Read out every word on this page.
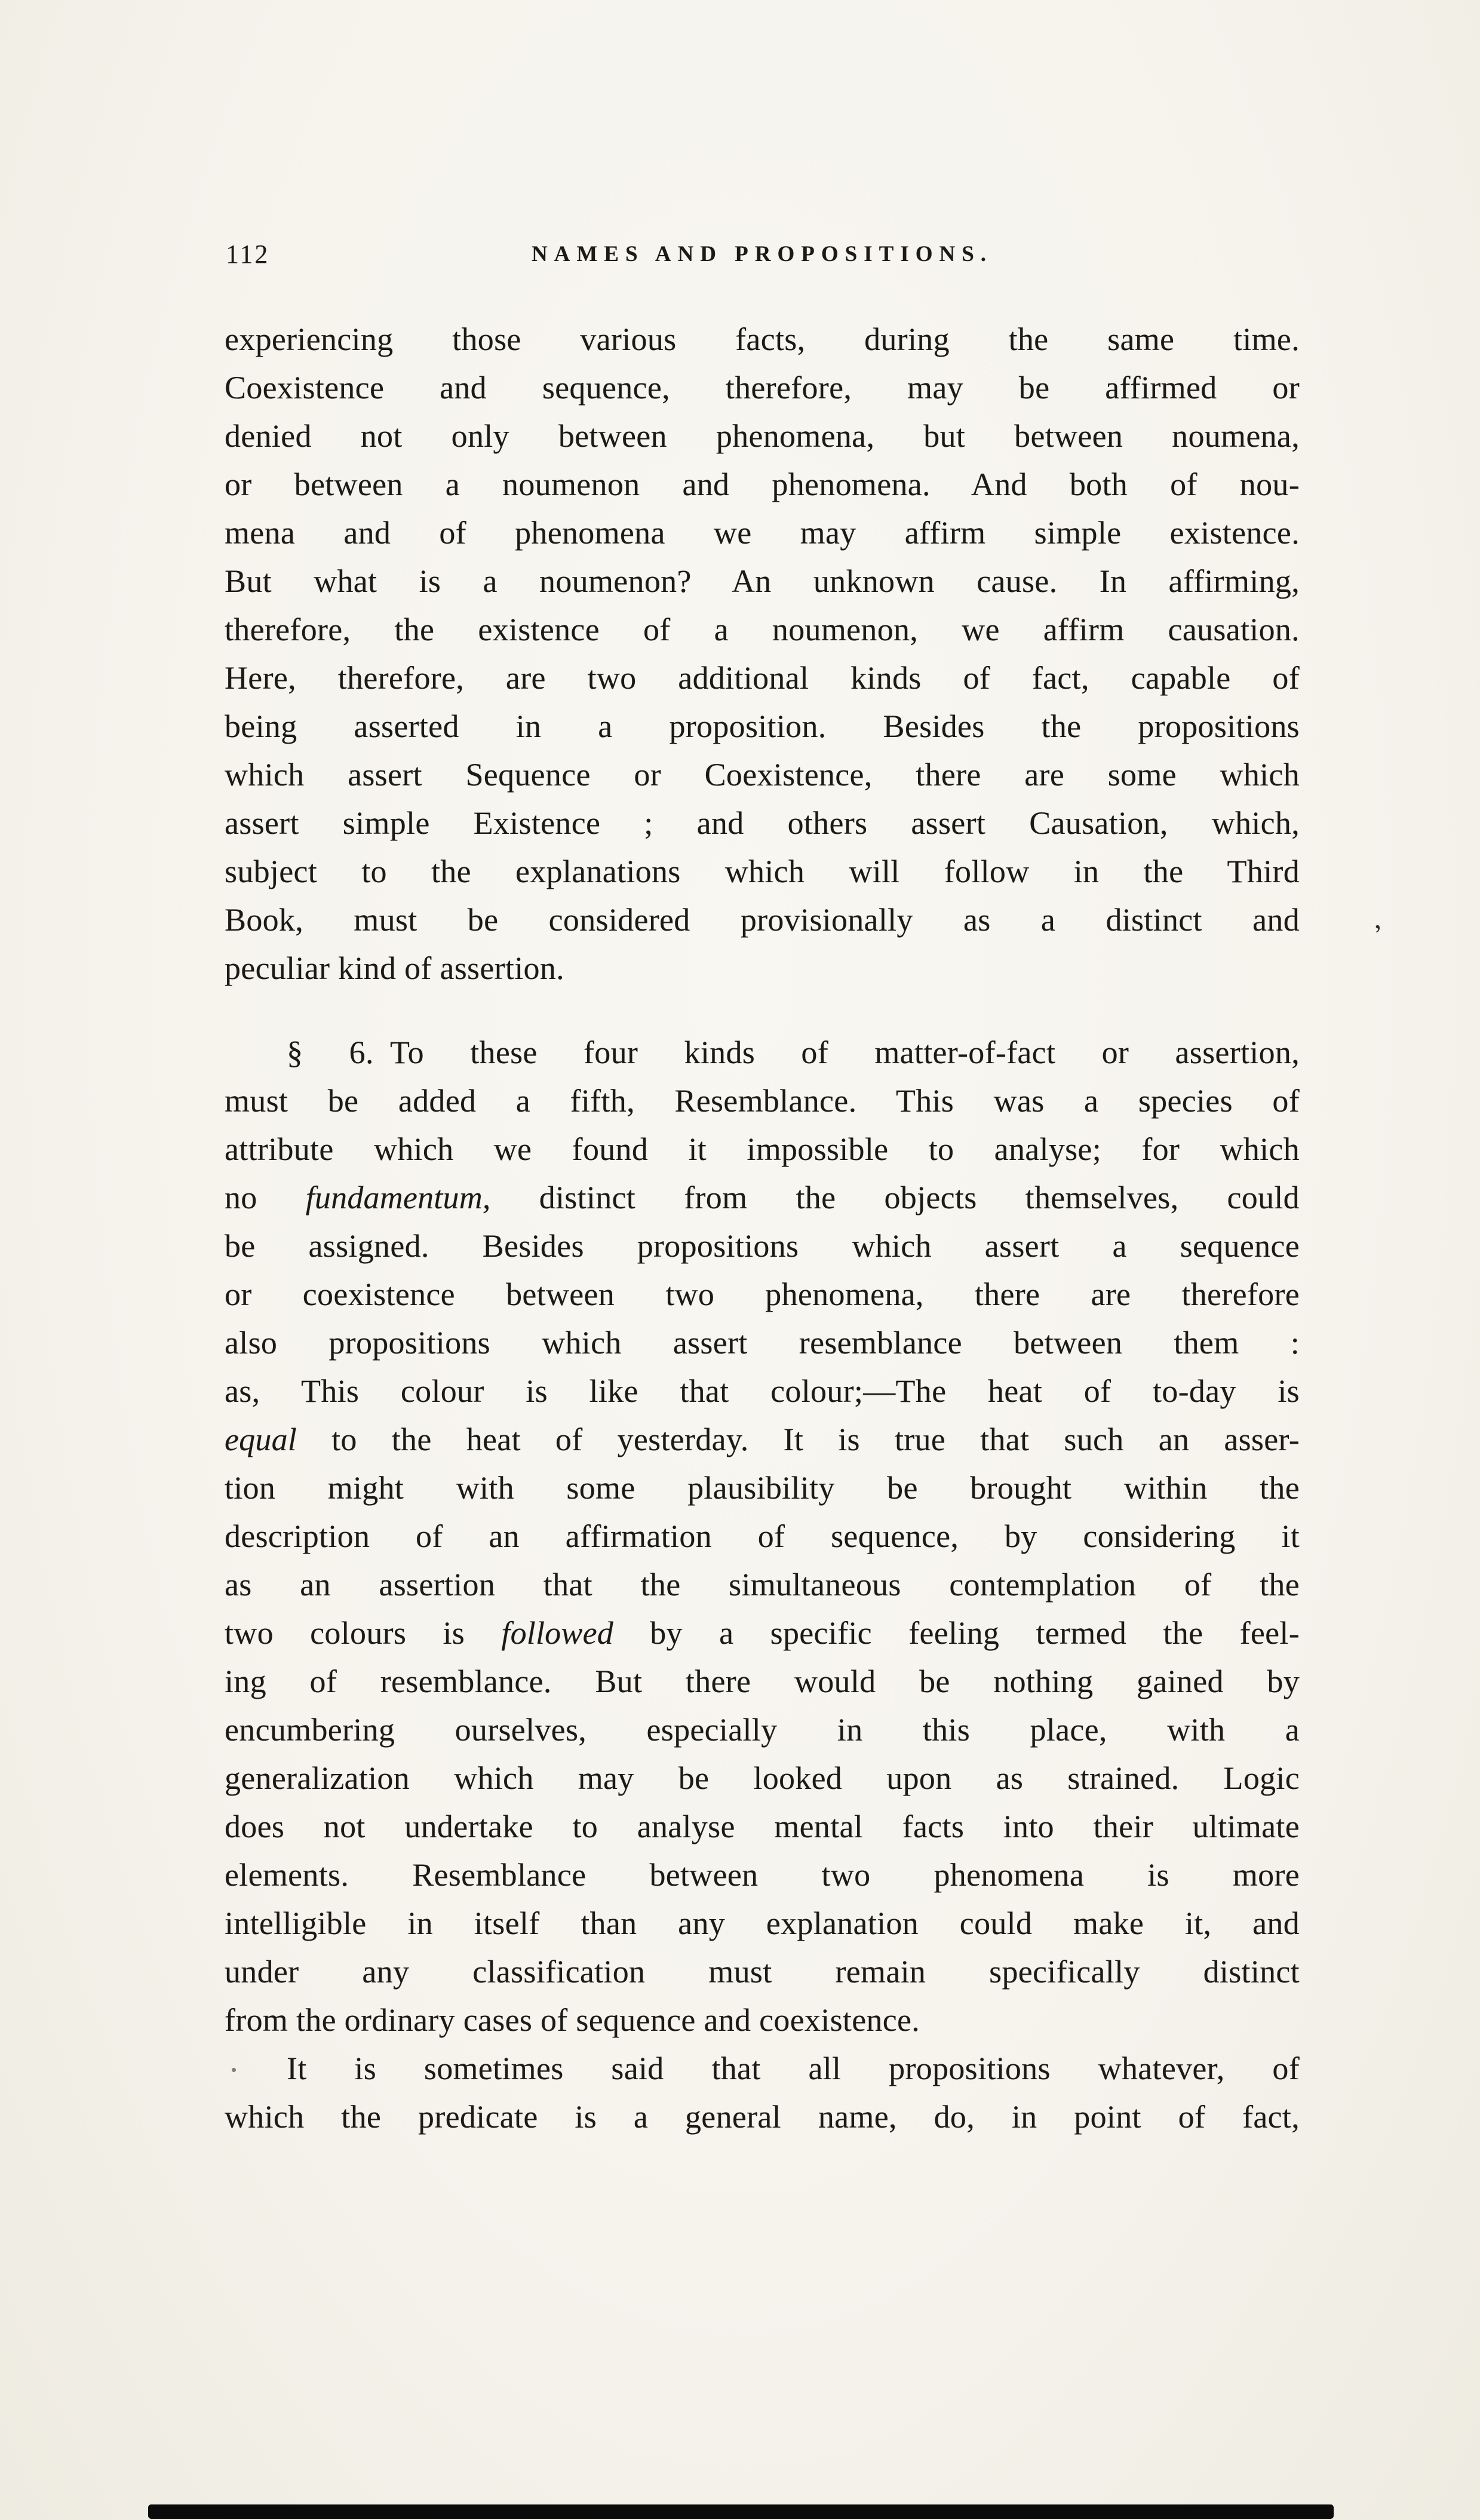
112	NAMES AND PROPOSITIONS.
experiencing those various facts, during the same time.
Coexistence and sequence, therefore, may be affirmed or
denied not only between phenomena, but between noumena,
or between a noumenon and phenomena. And both of nou-
mena and of phenomena we may affirm simple existence.
But what is a noumenon? An unknown cause. In affirming,
therefore, the existence of a noumenon, we affirm causation.
Here, therefore, are two additional kinds of fact, capable of
being asserted in a proposition. Besides the propositions
which assert Sequence or Coexistence, there are some which
assert simple Existence ; and others assert Causation, which,
subject to the explanations which will follow in the Third
Book, must be considered provisionally as a distinct and
peculiar kind of assertion.
§ 6. To these four kinds of matter-of-fact or assertion,
must be added a fifth, Resemblance. This was a species of
attribute which we found it impossible to analyse; for which
no fundamentum, distinct from the objects themselves, could
be assigned. Besides propositions which assert a sequence
or coexistence between two phenomena, there are therefore
also propositions which assert resemblance between them :
as, This colour is like that colour;—The heat of to-day is
equal to the heat of yesterday. It is true that such an asser-
tion might with some plausibility be brought within the
description of an affirmation of sequence, by considering it
as an assertion that the simultaneous contemplation of the
two colours is followed by a specific feeling termed the feel-
ing of resemblance. But there would be nothing gained by
encumbering ourselves, especially in this place, with a
generalization which may be looked upon as strained. Logic
does not undertake to analyse mental facts into their ultimate
elements. Resemblance between two phenomena is more
intelligible in itself than any explanation could make it, and
under any classification must remain specifically distinct
from the ordinary cases of sequence and coexistence.
It is sometimes said that all propositions whatever, of
which the predicate is a general name, do, in point of fact,
‚
